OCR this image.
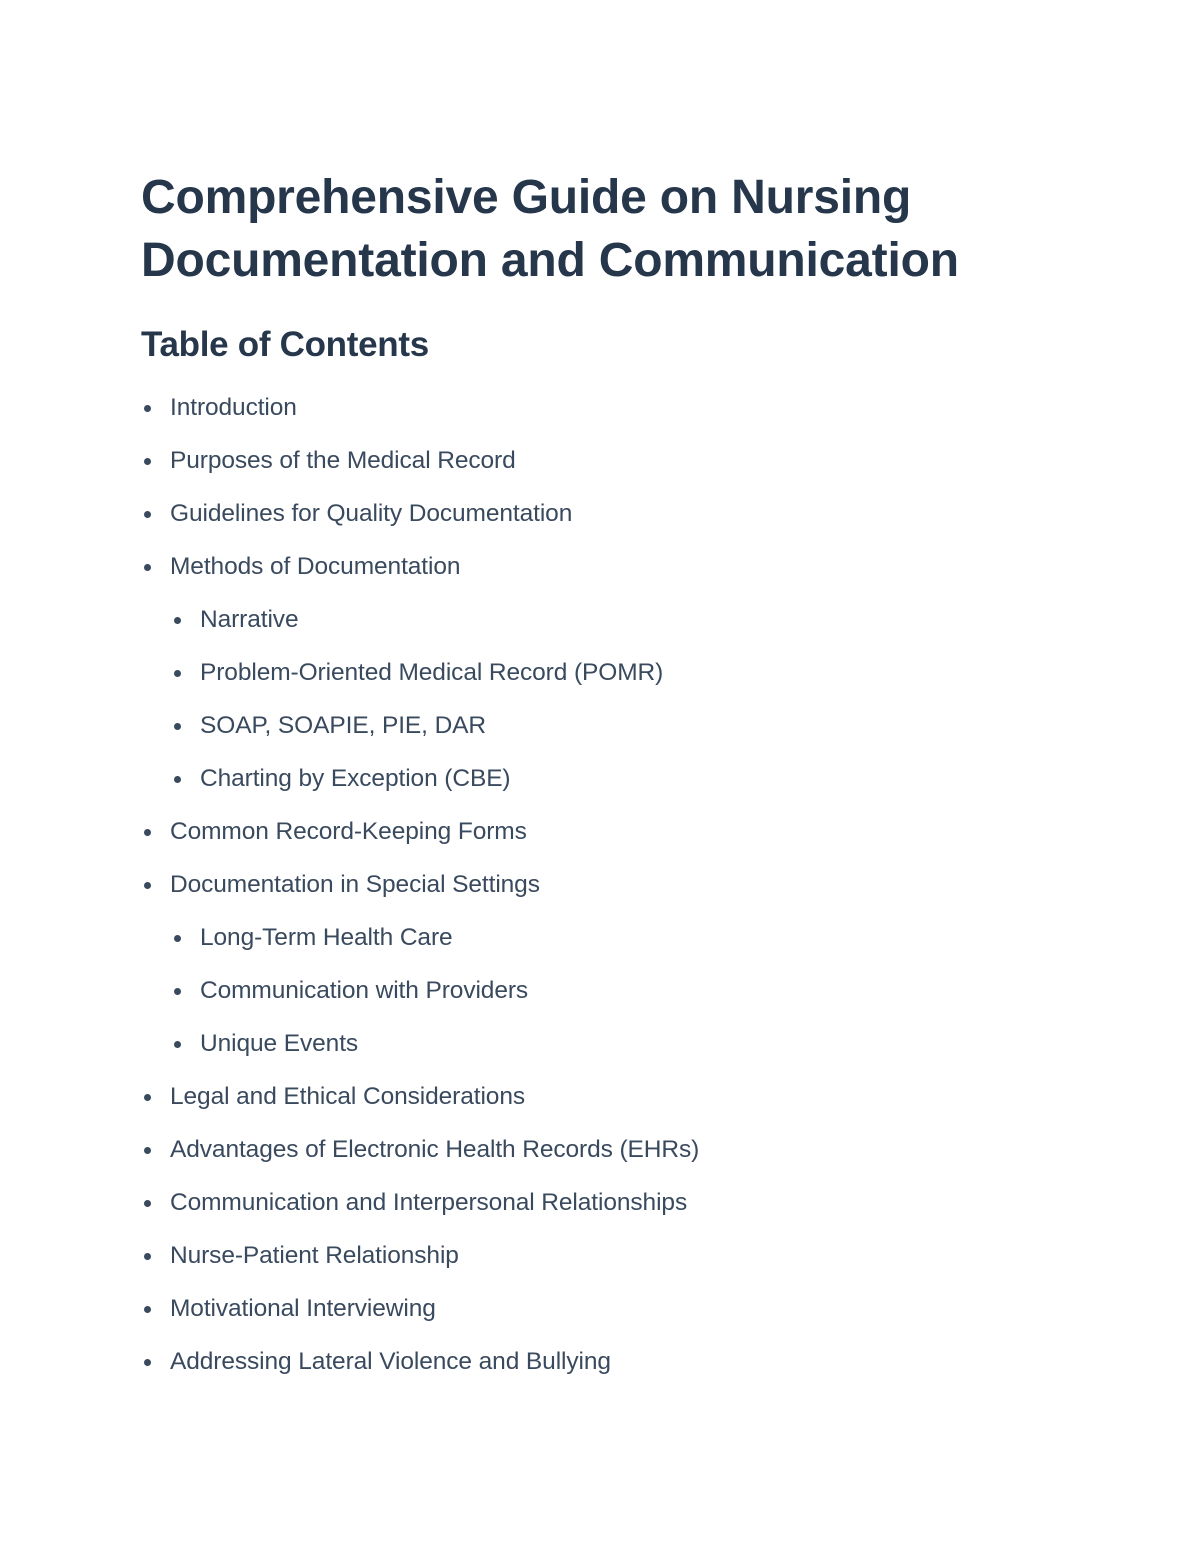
Comprehensive Guide on Nursing
Documentation and Communication
Table of Contents
Introduction
Purposes of the Medical Record
Guidelines for Quality Documentation
Methods of Documentation
Narrative
Problem-Oriented Medical Record (POMR)
SOAP, SOAPIE, PIE, DAR
Charting by Exception (CBE)
Common Record-Keeping Forms
Documentation in Special Settings
Long-Term Health Care
Communication with Providers
Unique Events
Legal and Ethical Considerations
Advantages of Electronic Health Records (EHRs)
Communication and Interpersonal Relationships
Nurse-Patient Relationship
Motivational Interviewing
Addressing Lateral Violence and Bullying
